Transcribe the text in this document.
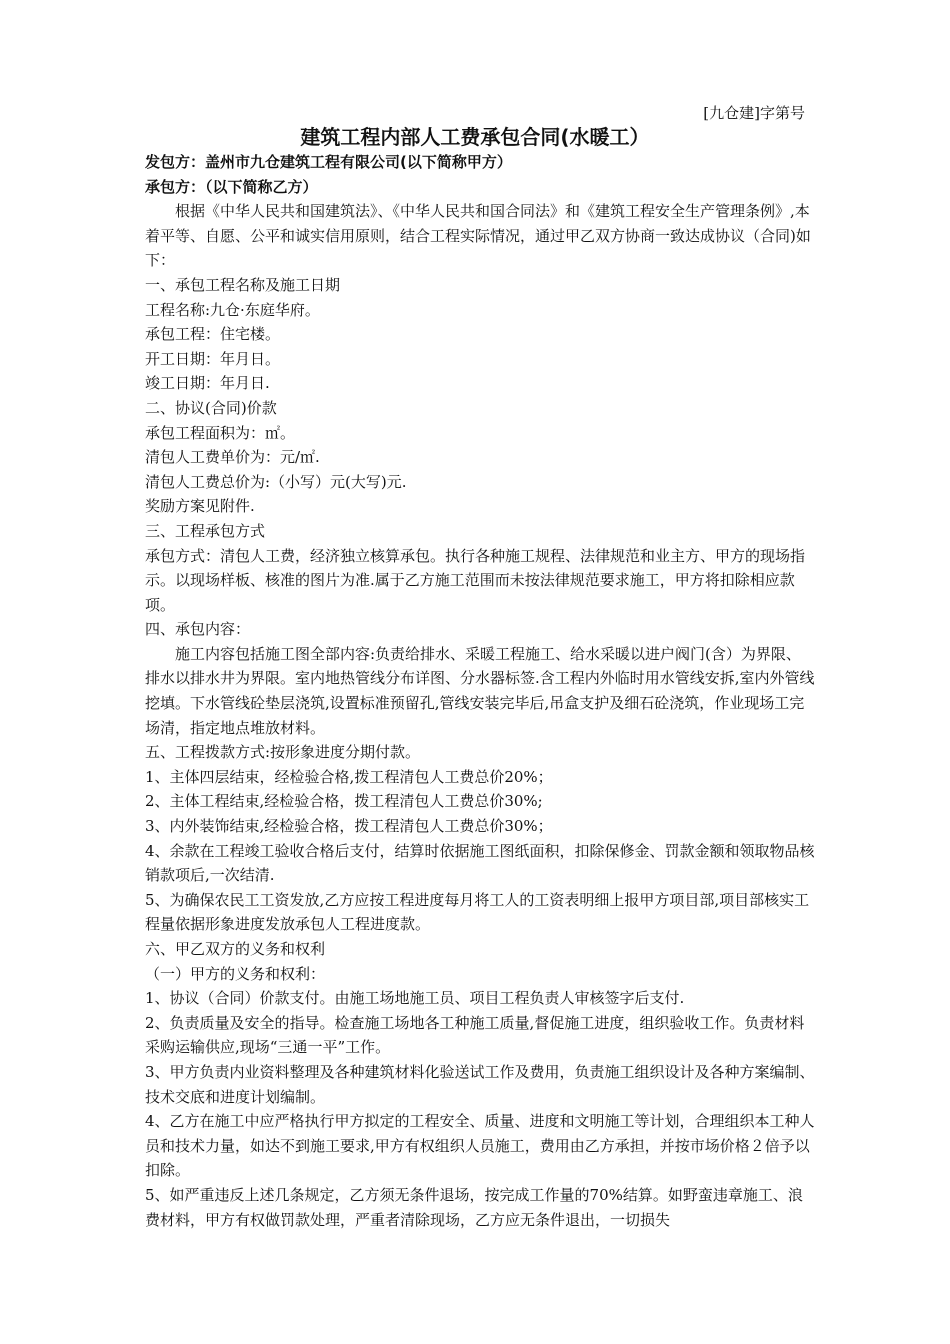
[九仓建]字第号
建筑工程内部人工费承包合同(水暖工）

发包方：盖州市九仓建筑工程有限公司(以下简称甲方）

承包方：（以下简称乙方）

根据《中华人民共和国建筑法》、《中华人民共和国合同法》和《建筑工程安全生产管理条例》,本着平等、自愿、公平和诚实信用原则，结合工程实际情况，通过甲乙双方协商一致达成协议（合同)如下：

一、承包工程名称及施工日期

工程名称:九仓·东庭华府。

承包工程：住宅楼。

开工日期：年月日。

竣工日期：年月日.

二、协议(合同)价款

承包工程面积为：㎡。

清包人工费单价为：元/㎡.

清包人工费总价为:（小写）元(大写)元.

奖励方案见附件.

三、工程承包方式

承包方式：清包人工费，经济独立核算承包。执行各种施工规程、法律规范和业主方、甲方的现场指示。以现场样板、核准的图片为准.属于乙方施工范围而未按法律规范要求施工，甲方将扣除相应款项。

四、承包内容：

施工内容包括施工图全部内容:负责给排水、采暖工程施工、给水采暖以进户阀门(含）为界限、排水以排水井为界限。室内地热管线分布详图、分水器标签.含工程内外临时用水管线安拆,室内外管线挖填。下水管线砼垫层浇筑,设置标准预留孔,管线安装完毕后,吊盒支护及细石砼浇筑，作业现场工完场清，指定地点堆放材料。

五、工程拨款方式:按形象进度分期付款。

1、主体四层结束，经检验合格,拨工程清包人工费总价20%；

2、主体工程结束,经检验合格，拨工程清包人工费总价30%;

3、内外装饰结束,经检验合格，拨工程清包人工费总价30%；

4、余款在工程竣工验收合格后支付，结算时依据施工图纸面积，扣除保修金、罚款金额和领取物品核销款项后,一次结清.

5、为确保农民工工资发放,乙方应按工程进度每月将工人的工资表明细上报甲方项目部,项目部核实工程量依据形象进度发放承包人工程进度款。

六、甲乙双方的义务和权利

（一）甲方的义务和权利：

1、协议（合同）价款支付。由施工场地施工员、项目工程负责人审核签字后支付.

2、负责质量及安全的指导。检查施工场地各工种施工质量,督促施工进度，组织验收工作。负责材料采购运输供应,现场“三通一平”工作。

3、甲方负责内业资料整理及各种建筑材料化验送试工作及费用，负责施工组织设计及各种方案编制、技术交底和进度计划编制。

4、乙方在施工中应严格执行甲方拟定的工程安全、质量、进度和文明施工等计划，合理组织本工种人员和技术力量，如达不到施工要求,甲方有权组织人员施工，费用由乙方承担，并按市场价格２倍予以扣除。

5、如严重违反上述几条规定，乙方须无条件退场，按完成工作量的70%结算。如野蛮违章施工、浪费材料，甲方有权做罚款处理，严重者清除现场，乙方应无条件退出，一切损失
